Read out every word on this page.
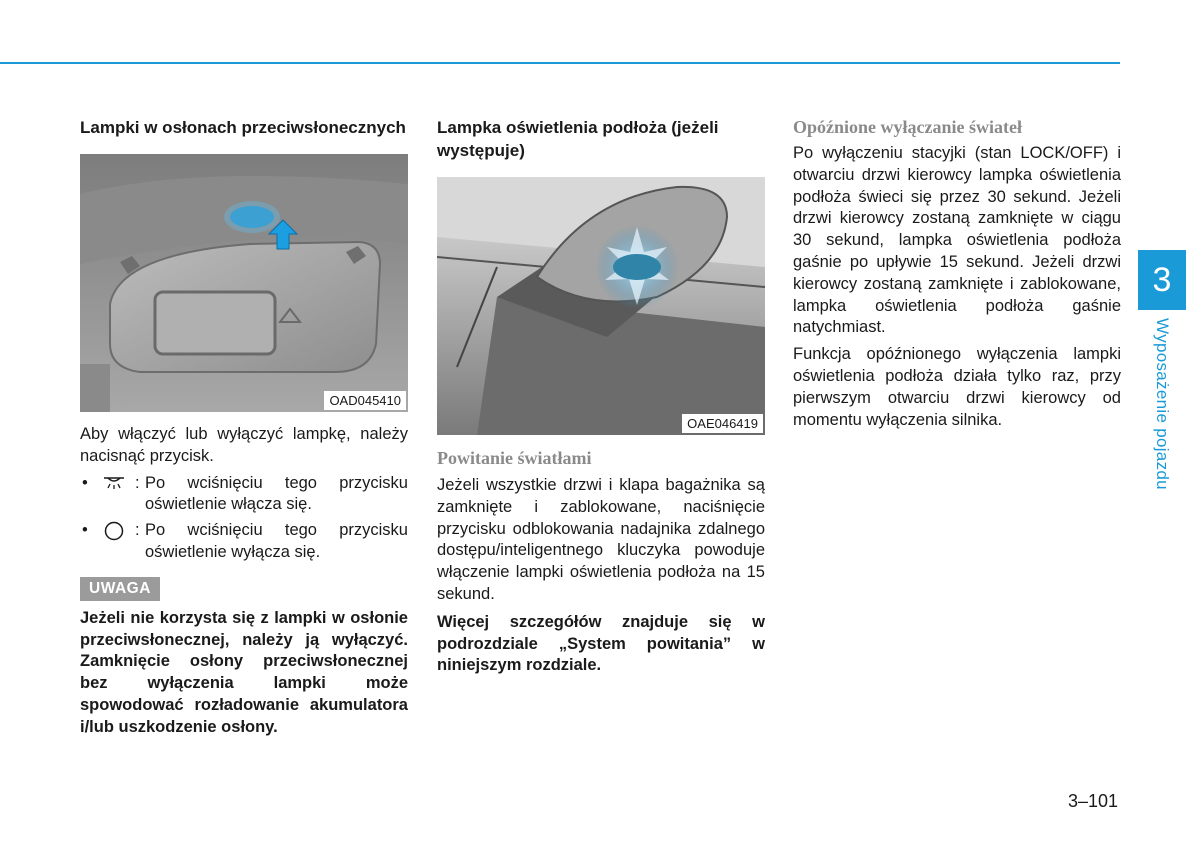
Lampki w osłonach przeciwsłonecznych
OAD045410

Aby włączyć lub wyłączyć lampkę, należy nacisnąć przycisk.

•	: Po wciśnięciu tego przycisku oświetlenie włącza się.
•	: Po wciśnięciu tego przycisku oświetlenie wyłącza się.
UWAGA

Jeżeli nie korzysta się z lampki w osłonie przeciwsłonecznej, należy ją wyłączyć. Zamknięcie osłony przeciwsłonecznej bez wyłączenia lampki może spowodować rozładowanie akumulatora i/lub uszkodzenie osłony.

Lampka oświetlenia podłoża (jeżeli występuje)
OAE046419
Powitanie światłami

Jeżeli wszystkie drzwi i klapa bagażnika są zamknięte i zablokowane, naciśnięcie przycisku odblokowania nadajnika zdalnego dostępu/inteligentnego kluczyka powoduje włączenie lampki oświetlenia podłoża na 15 sekund.

Więcej szczegółów znajduje się w podrozdziale „System powitania” w niniejszym rozdziale.

Opóźnione wyłączanie świateł

Po wyłączeniu stacyjki (stan LOCK/OFF) i otwarciu drzwi kierowcy lampka oświetlenia podłoża świeci się przez 30 sekund. Jeżeli drzwi kierowcy zostaną zamknięte w ciągu 30 sekund, lampka oświetlenia podłoża gaśnie po upływie 15 sekund. Jeżeli drzwi kierowcy zostaną zamknięte i zablokowane, lampka oświetlenia podłoża gaśnie natychmiast.

Funkcja opóźnionego wyłączenia lampki oświetlenia podłoża działa tylko raz, przy pierwszym otwarciu drzwi kierowcy od momentu wyłączenia silnika.

3
Wyposażenie pojazdu
3–101
